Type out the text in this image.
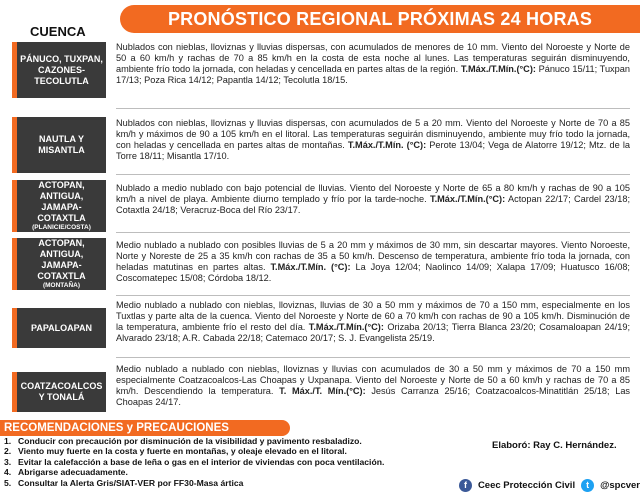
PRONÓSTICO REGIONAL PRÓXIMAS 24 HORAS
CUENCA
PÁNUCO, TUXPAN, CAZONES-TECOLUTLA
Nublados con nieblas, lloviznas y lluvias dispersas, con acumulados de menores de 10 mm. Viento del Noroeste y Norte de 50 a 60 km/h y rachas de 70 a 85 km/h en la costa de esta noche al lunes. Las temperaturas seguirán disminuyendo, ambiente frío todo la jornada, con heladas y cencellada en partes altas de la región. T.Máx./T.Mín.(°C): Pánuco 15/11; Tuxpan 17/13; Poza Rica 14/12; Papantla 14/12; Tecolutla 18/15.
NAUTLA Y MISANTLA
Nublados con nieblas, lloviznas y lluvias dispersas, con acumulados de 5 a 20 mm. Viento del Noroeste y Norte de 70 a 85 km/h y máximos de 90 a 105 km/h en el litoral. Las temperaturas seguirán disminuyendo, ambiente muy frío todo la jornada, con heladas y cencellada en partes altas de montañas. T.Máx./T.Mín. (°C): Perote 13/04; Vega de Alatorre 19/12; Mtz. de la Torre 18/11; Misantla 17/10.
ACTOPAN, ANTIGUA, JAMAPA-COTAXTLA
(PLANICIE/COSTA)
Nublado a medio nublado con bajo potencial de lluvias. Viento del Noroeste y Norte de 65 a 80 km/h y rachas de 90 a 105 km/h a nivel de playa. Ambiente diurno templado y frío por la tarde-noche. T.Máx./T.Mín.(°C): Actopan 22/17; Cardel 23/18; Cotaxtla 24/18; Veracruz-Boca del Río 23/17.
ACTOPAN, ANTIGUA, JAMAPA-COTAXTLA
(MONTAÑA)
Medio nublado a nublado con posibles lluvias de 5 a 20 mm y máximos de 30 mm, sin descartar mayores. Viento Noroeste, Norte y Noreste de 25 a 35 km/h con rachas de 35 a 50 km/h. Descenso de temperatura, ambiente frío toda la jornada, con heladas matutinas en partes altas. T.Máx./T.Mín. (°C): La Joya 12/04; Naolinco 14/09; Xalapa 17/09; Huatusco 16/08; Coscomatepec 15/08; Córdoba 18/12.
PAPALOAPAN
Medio nublado a nublado con nieblas, lloviznas, lluvias de 30 a 50 mm y máximos de 70 a 150 mm, especialmente en los Tuxtlas y parte alta de la cuenca. Viento del Noroeste y Norte de 60 a 70 km/h con rachas de 90 a 105 km/h. Disminución de la temperatura, ambiente frío el resto del día. T.Máx./T.Mín.(°C): Orizaba 20/13; Tierra Blanca 23/20; Cosamaloapan 24/19; Alvarado 23/18; A.R. Cabada 22/18; Catemaco 20/17; S. J. Evangelista 25/19.
COATZACOALCOS Y TONALÁ
Medio nublado a nublado con nieblas, lloviznas y lluvias con acumulados de 30 a 50 mm y máximos de 70 a 150 mm especialmente Coatzacoalcos-Las Choapas y Uxpanapa. Viento del Noroeste y Norte de 50 a 60 km/h y rachas de 70 a 85 km/h. Descendiendo la temperatura. T. Máx./T. Mín.(°C): Jesús Carranza 25/16; Coatzacoalcos-Minatitlán 25/18; Las Choapas 24/17.
RECOMENDACIONES y PRECAUCIONES
1. Conducir con precaución por disminución de la visibilidad y pavimento resbaladizo.
2. Viento muy fuerte en la costa y fuerte en montañas, y oleaje elevado en el litoral.
3. Evitar la calefacción a base de leña o gas en el interior de viviendas con poca ventilación.
4. Abrigarse adecuadamente.
5. Consultar la Alerta Gris/SIAT-VER por FF30-Masa ártica
Elaboró: Ray C. Hernández.
f	Ceec Protección Civil	t	@spcver
